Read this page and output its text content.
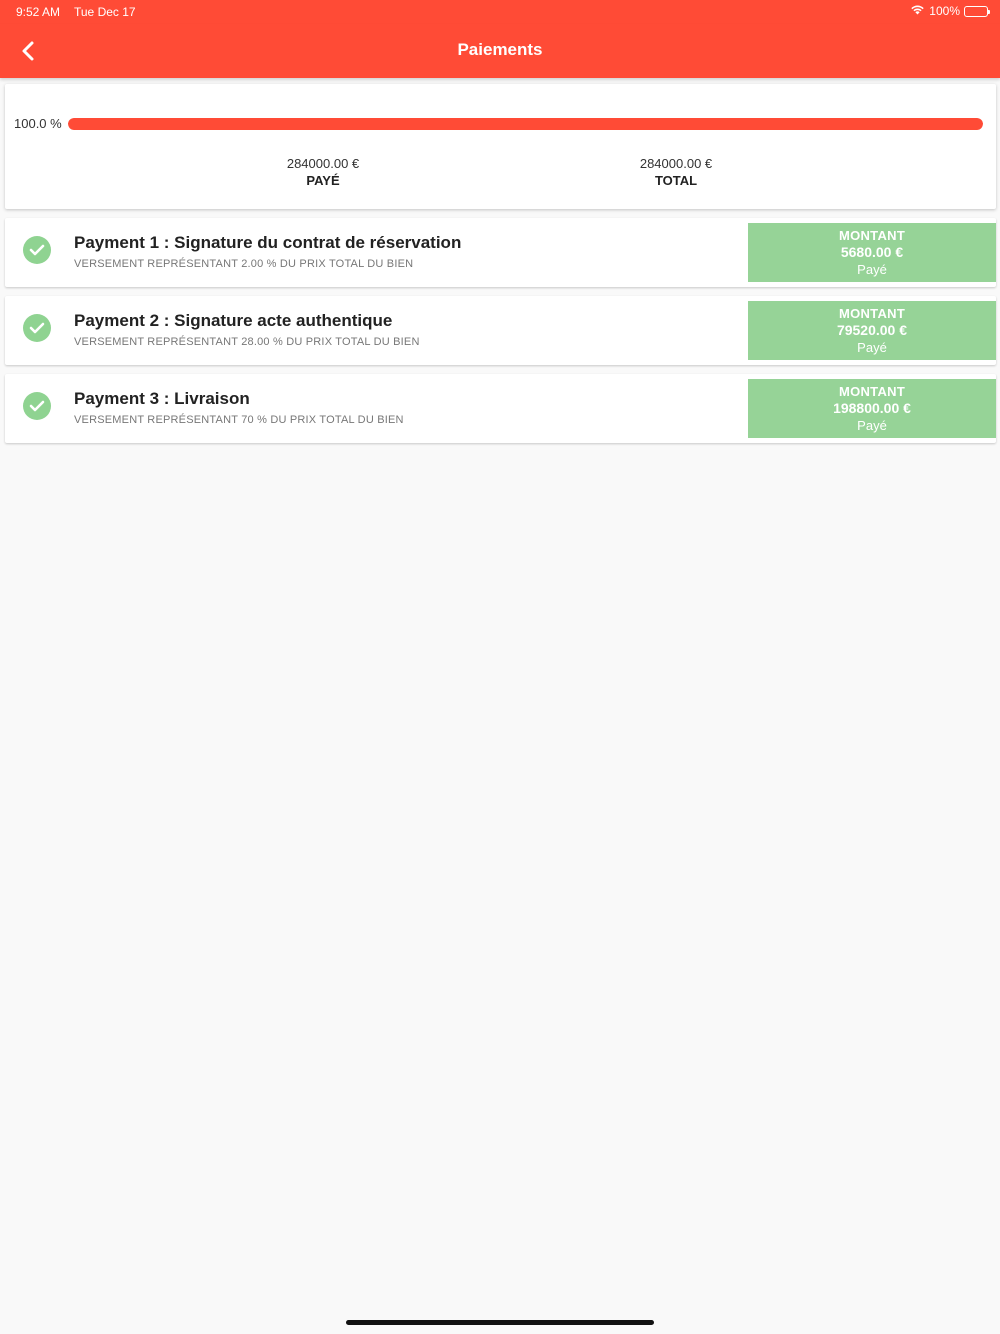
9:52 AM Tue Dec 17	100%
Paiements
100.0 %
284000.00 €
PAYÉ
284000.00 €
TOTAL
Payment 1 : Signature du contrat de réservation
VERSEMENT REPRÉSENTANT 2.00 % DU PRIX TOTAL DU BIEN
MONTANT
5680.00 €
Payé
Payment 2 : Signature acte authentique
VERSEMENT REPRÉSENTANT 28.00 % DU PRIX TOTAL DU BIEN
MONTANT
79520.00 €
Payé
Payment 3 : Livraison
VERSEMENT REPRÉSENTANT 70 % DU PRIX TOTAL DU BIEN
MONTANT
198800.00 €
Payé
